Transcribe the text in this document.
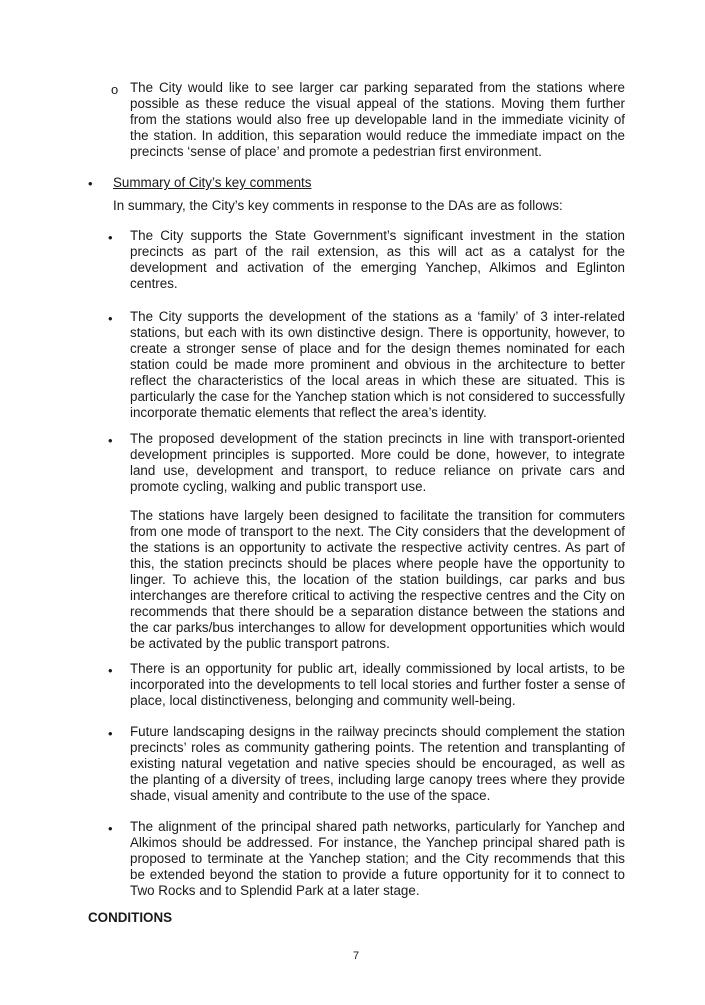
o The City would like to see larger car parking separated from the stations where possible as these reduce the visual appeal of the stations. Moving them further from the stations would also free up developable land in the immediate vicinity of the station. In addition, this separation would reduce the immediate impact on the precincts ‘sense of place’ and promote a pedestrian first environment.

• Summary of City’s key comments

In summary, the City’s key comments in response to the DAs are as follows:

• The City supports the State Government’s significant investment in the station precincts as part of the rail extension, as this will act as a catalyst for the development and activation of the emerging Yanchep, Alkimos and Eglinton centres.

• The City supports the development of the stations as a ‘family’ of 3 inter-related stations, but each with its own distinctive design. There is opportunity, however, to create a stronger sense of place and for the design themes nominated for each station could be made more prominent and obvious in the architecture to better reflect the characteristics of the local areas in which these are situated. This is particularly the case for the Yanchep station which is not considered to successfully incorporate thematic elements that reflect the area’s identity.

• The proposed development of the station precincts in line with transport-oriented development principles is supported. More could be done, however, to integrate land use, development and transport, to reduce reliance on private cars and promote cycling, walking and public transport use.

The stations have largely been designed to facilitate the transition for commuters from one mode of transport to the next. The City considers that the development of the stations is an opportunity to activate the respective activity centres. As part of this, the station precincts should be places where people have the opportunity to linger. To achieve this, the location of the station buildings, car parks and bus interchanges are therefore critical to activing the respective centres and the City on recommends that there should be a separation distance between the stations and the car parks/bus interchanges to allow for development opportunities which would be activated by the public transport patrons.

• There is an opportunity for public art, ideally commissioned by local artists, to be incorporated into the developments to tell local stories and further foster a sense of place, local distinctiveness, belonging and community well-being.

• Future landscaping designs in the railway precincts should complement the station precincts’ roles as community gathering points. The retention and transplanting of existing natural vegetation and native species should be encouraged, as well as the planting of a diversity of trees, including large canopy trees where they provide shade, visual amenity and contribute to the use of the space.

• The alignment of the principal shared path networks, particularly for Yanchep and Alkimos should be addressed. For instance, the Yanchep principal shared path is proposed to terminate at the Yanchep station; and the City recommends that this be extended beyond the station to provide a future opportunity for it to connect to Two Rocks and to Splendid Park at a later stage.

CONDITIONS
7
